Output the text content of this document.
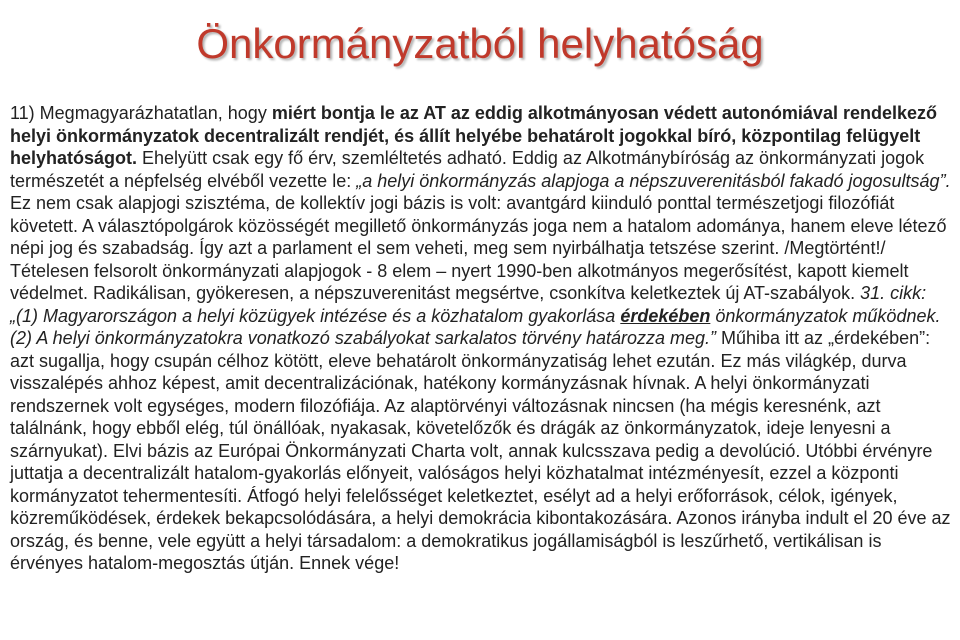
Önkormányzatból helyhatóság

11) Megmagyarázhatatlan, hogy miért bontja le az AT az eddig alkotmányosan védett autonómiával rendelkező helyi önkormányzatok decentralizált rendjét, és állít helyébe behatárolt jogokkal bíró, központilag felügyelt helyhatóságot. Ehelyütt csak egy fő érv, szemléltetés adható. Eddig az Alkotmánybíróság az önkormányzati jogok természetét a népfelség elvéből vezette le: „a helyi önkormányzás alapjoga a népszuverenitásból fakadó jogosultság”. Ez nem csak alapjogi szisztéma, de kollektív jogi bázis is volt: avantgárd kiinduló ponttal természetjogi filozófiát követett. A választópolgárok közösségét megillető önkormányzás joga nem a hatalom adománya, hanem eleve létező népi jog és szabadság. Így azt a parlament el sem veheti, meg sem nyirbálhatja tetszése szerint. /Megtörtént!/ Tételesen felsorolt önkormányzati alapjogok - 8 elem – nyert 1990-ben alkotmányos megerősítést, kapott kiemelt védelmet. Radikálisan, gyökeresen, a népszuverenitást megsértve, csonkítva keletkeztek új AT-szabályok. 31. cikk: „(1) Magyarországon a helyi közügyek intézése és a közhatalom gyakorlása érdekében önkormányzatok működnek. (2) A helyi önkormányzatokra vonatkozó szabályokat sarkalatos törvény határozza meg.” Műhiba itt az „érdekében”: azt sugallja, hogy csupán célhoz kötött, eleve behatárolt önkormányzatiság lehet ezután. Ez más világkép, durva visszalépés ahhoz képest, amit decentralizációnak, hatékony kormányzásnak hívnak. A helyi önkormányzati rendszernek volt egységes, modern filozófiája. Az alaptörvényi változásnak nincsen (ha mégis keresnénk, azt találnánk, hogy ebből elég, túl önállóak, nyakasak, követelőzők és drágák az önkormányzatok, ideje lenyesni a szárnyukat). Elvi bázis az Európai Önkormányzati Charta volt, annak kulcsszava pedig a devolúció. Utóbbi érvényre juttatja a decentralizált hatalom-gyakorlás előnyeit, valóságos helyi közhatalmat intézményesít, ezzel a központi kormányzatot tehermentesíti. Átfogó helyi felelősséget keletkeztet, esélyt ad a helyi erőforrások, célok, igények, közreműködések, érdekek bekapcsolódására, a helyi demokrácia kibontakozására. Azonos irányba indult el 20 éve az ország, és benne, vele együtt a helyi társadalom: a demokratikus jogállamiságból is leszűrhető, vertikálisan is érvényes hatalom-megosztás útján. Ennek vége!
